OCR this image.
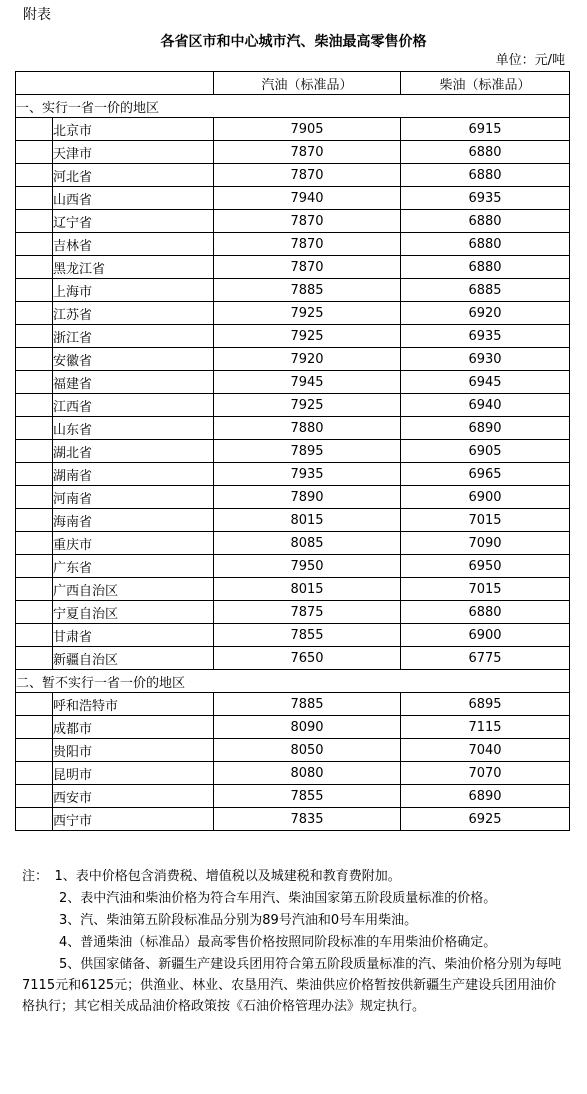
附表
各省区市和中心城市汽、柴油最高零售价格
单位：元/吨
		汽油（标准品）	柴油（标准品）
一、实行一省一价的地区			
	北京市	7905	6915
	天津市	7870	6880
	河北省	7870	6880
	山西省	7940	6935
	辽宁省	7870	6880
	吉林省	7870	6880
	黑龙江省	7870	6880
	上海市	7885	6885
	江苏省	7925	6920
	浙江省	7925	6935
	安徽省	7920	6930
	福建省	7945	6945
	江西省	7925	6940
	山东省	7880	6890
	湖北省	7895	6905
	湖南省	7935	6965
	河南省	7890	6900
	海南省	8015	7015
	重庆市	8085	7090
	广东省	7950	6950
	广西自治区	8015	7015
	宁夏自治区	7875	6880
	甘肃省	7855	6900
	新疆自治区	7650	6775
二、暂不实行一省一价的地区			
	呼和浩特市	7885	6895
	成都市	8090	7115
	贵阳市	8050	7040
	昆明市	8080	7070
	西安市	7855	6890
	西宁市	7835	6925

注：　1、表中价格包含消费税、增值税以及城建税和教育费附加。

2、表中汽油和柴油价格为符合车用汽、柴油国家第五阶段质量标准的价格。

3、汽、柴油第五阶段标准品分别为89号汽油和0号车用柴油。

4、普通柴油（标准品）最高零售价格按照同阶段标准的车用柴油价格确定。

5、供国家储备、新疆生产建设兵团用符合第五阶段质量标准的汽、柴油价格分别为每吨7115元和6125元；供渔业、林业、农垦用汽、柴油供应价格暂按供新疆生产建设兵团用油价格执行；其它相关成品油价格政策按《石油价格管理办法》规定执行。
